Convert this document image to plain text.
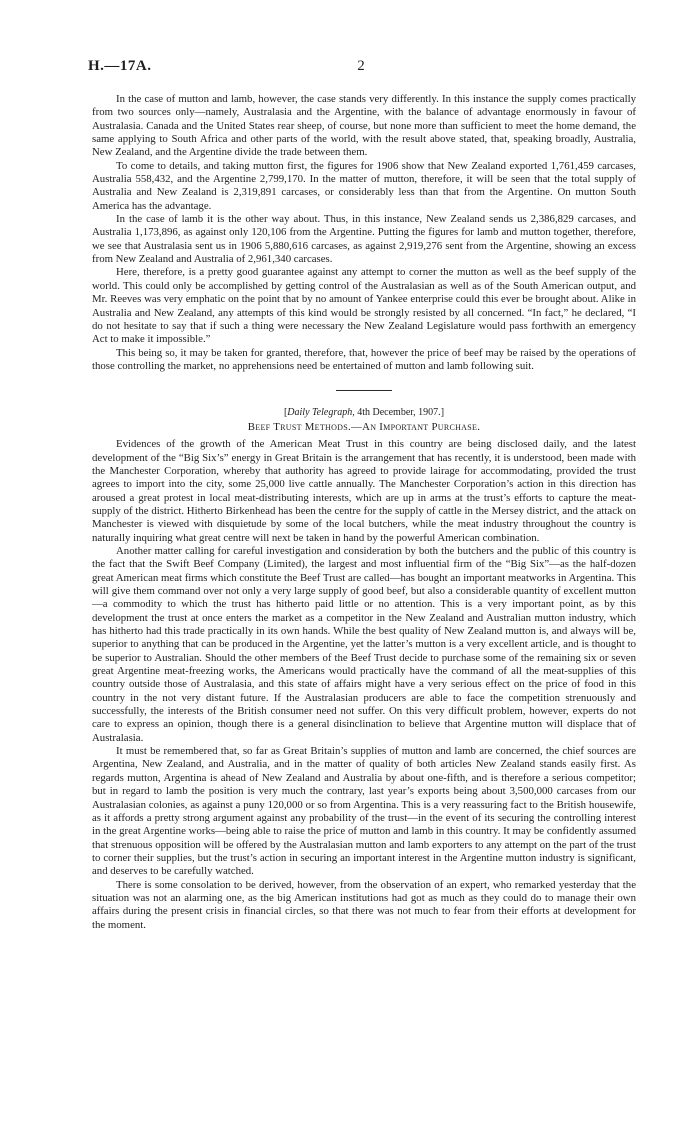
H.—17A.	2

In the case of mutton and lamb, however, the case stands very differently. In this instance the supply comes practically from two sources only—namely, Australasia and the Argentine, with the balance of advantage enormously in favour of Australasia. Canada and the United States rear sheep, of course, but none more than sufficient to meet the home demand, the same applying to South Africa and other parts of the world, with the result above stated, that, speaking broadly, Australia, New Zealand, and the Argentine divide the trade between them.

To come to details, and taking mutton first, the figures for 1906 show that New Zealand exported 1,761,459 carcases, Australia 558,432, and the Argentine 2,799,170. In the matter of mutton, therefore, it will be seen that the total supply of Australia and New Zealand is 2,319,891 carcases, or considerably less than that from the Argentine. On mutton South America has the advantage.

In the case of lamb it is the other way about. Thus, in this instance, New Zealand sends us 2,386,829 carcases, and Australia 1,173,896, as against only 120,106 from the Argentine. Putting the figures for lamb and mutton together, therefore, we see that Australasia sent us in 1906 5,880,616 carcases, as against 2,919,276 sent from the Argentine, showing an excess from New Zealand and Australia of 2,961,340 carcases.

Here, therefore, is a pretty good guarantee against any attempt to corner the mutton as well as the beef supply of the world. This could only be accomplished by getting control of the Australasian as well as of the South American output, and Mr. Reeves was very emphatic on the point that by no amount of Yankee enterprise could this ever be brought about. Alike in Australia and New Zealand, any attempts of this kind would be strongly resisted by all concerned. “In fact,” he declared, “I do not hesitate to say that if such a thing were necessary the New Zealand Legislature would pass forthwith an emergency Act to make it impossible.”

This being so, it may be taken for granted, therefore, that, however the price of beef may be raised by the operations of those controlling the market, no apprehensions need be entertained of mutton and lamb following suit.

[Daily Telegraph, 4th December, 1907.]
Beef Trust Methods.—An Important Purchase.

Evidences of the growth of the American Meat Trust in this country are being disclosed daily, and the latest development of the “Big Six’s” energy in Great Britain is the arrangement that has recently, it is understood, been made with the Manchester Corporation, whereby that authority has agreed to provide lairage for accommodating, provided the trust agrees to import into the city, some 25,000 live cattle annually. The Manchester Corporation’s action in this direction has aroused a great protest in local meat-distributing interests, which are up in arms at the trust’s efforts to capture the meat-supply of the district. Hitherto Birkenhead has been the centre for the supply of cattle in the Mersey district, and the attack on Manchester is viewed with disquietude by some of the local butchers, while the meat industry throughout the country is naturally inquiring what great centre will next be taken in hand by the powerful American combination.

Another matter calling for careful investigation and consideration by both the butchers and the public of this country is the fact that the Swift Beef Company (Limited), the largest and most influential firm of the “Big Six”—as the half-dozen great American meat firms which constitute the Beef Trust are called—has bought an important meatworks in Argentina. This will give them command over not only a very large supply of good beef, but also a considerable quantity of excellent mutton—a commodity to which the trust has hitherto paid little or no attention. This is a very important point, as by this development the trust at once enters the market as a competitor in the New Zealand and Australian mutton industry, which has hitherto had this trade practically in its own hands. While the best quality of New Zealand mutton is, and always will be, superior to anything that can be produced in the Argentine, yet the latter’s mutton is a very excellent article, and is thought to be superior to Australian. Should the other members of the Beef Trust decide to purchase some of the remaining six or seven great Argentine meat-freezing works, the Americans would practically have the command of all the meat-supplies of this country outside those of Australasia, and this state of affairs might have a very serious effect on the price of food in this country in the not very distant future. If the Australasian producers are able to face the competition strenuously and successfully, the interests of the British consumer need not suffer. On this very difficult problem, however, experts do not care to express an opinion, though there is a general disinclination to believe that Argentine mutton will displace that of Australasia.

It must be remembered that, so far as Great Britain’s supplies of mutton and lamb are concerned, the chief sources are Argentina, New Zealand, and Australia, and in the matter of quality of both articles New Zealand stands easily first. As regards mutton, Argentina is ahead of New Zealand and Australia by about one-fifth, and is therefore a serious competitor; but in regard to lamb the position is very much the contrary, last year’s exports being about 3,500,000 carcases from our Australasian colonies, as against a puny 120,000 or so from Argentina. This is a very reassuring fact to the British housewife, as it affords a pretty strong argument against any probability of the trust—in the event of its securing the controlling interest in the great Argentine works—being able to raise the price of mutton and lamb in this country. It may be confidently assumed that strenuous opposition will be offered by the Australasian mutton and lamb exporters to any attempt on the part of the trust to corner their supplies, but the trust’s action in securing an important interest in the Argentine mutton industry is significant, and deserves to be carefully watched.

There is some consolation to be derived, however, from the observation of an expert, who remarked yesterday that the situation was not an alarming one, as the big American institutions had got as much as they could do to manage their own affairs during the present crisis in financial circles, so that there was not much to fear from their efforts at development for the moment.
